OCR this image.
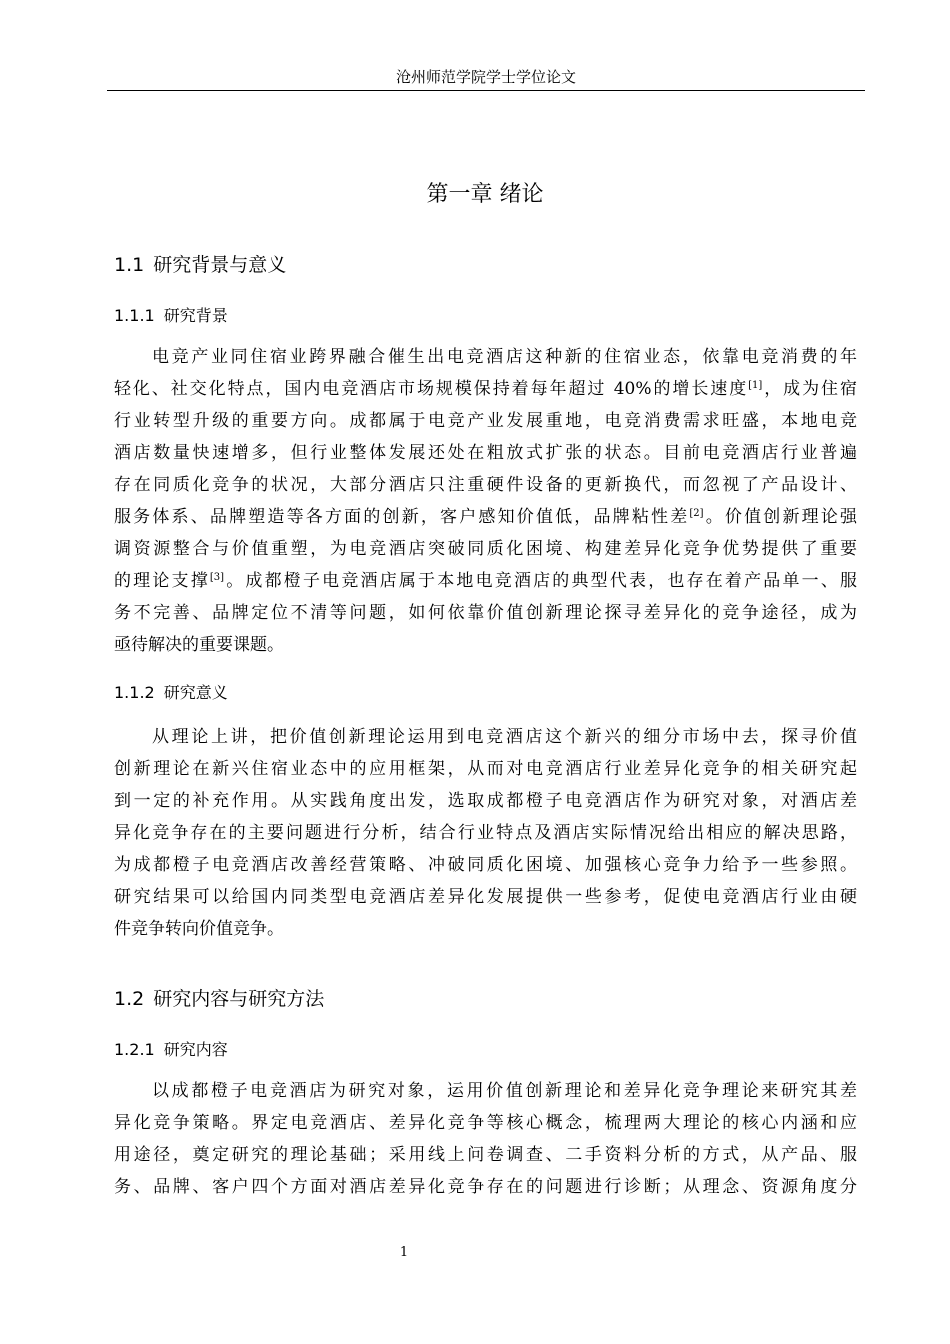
沧州师范学院学士学位论文
第一章 绪论
1.1 研究背景与意义
1.1.1 研究背景
电竞产业同住宿业跨界融合催生出电竞酒店这种新的住宿业态，依靠电竞消费的年
轻化、社交化特点，国内电竞酒店市场规模保持着每年超过 40%的增长速度[1]，成为住宿
行业转型升级的重要方向。成都属于电竞产业发展重地，电竞消费需求旺盛，本地电竞
酒店数量快速增多，但行业整体发展还处在粗放式扩张的状态。目前电竞酒店行业普遍
存在同质化竞争的状况，大部分酒店只注重硬件设备的更新换代，而忽视了产品设计、
服务体系、品牌塑造等各方面的创新，客户感知价值低，品牌粘性差[2]。价值创新理论强
调资源整合与价值重塑，为电竞酒店突破同质化困境、构建差异化竞争优势提供了重要
的理论支撑[3]。成都橙子电竞酒店属于本地电竞酒店的典型代表，也存在着产品单一、服
务不完善、品牌定位不清等问题，如何依靠价值创新理论探寻差异化的竞争途径，成为
亟待解决的重要课题。
1.1.2 研究意义
从理论上讲，把价值创新理论运用到电竞酒店这个新兴的细分市场中去，探寻价值
创新理论在新兴住宿业态中的应用框架，从而对电竞酒店行业差异化竞争的相关研究起
到一定的补充作用。从实践角度出发，选取成都橙子电竞酒店作为研究对象，对酒店差
异化竞争存在的主要问题进行分析，结合行业特点及酒店实际情况给出相应的解决思路，
为成都橙子电竞酒店改善经营策略、冲破同质化困境、加强核心竞争力给予一些参照。
研究结果可以给国内同类型电竞酒店差异化发展提供一些参考，促使电竞酒店行业由硬
件竞争转向价值竞争。
1.2 研究内容与研究方法
1.2.1 研究内容
以成都橙子电竞酒店为研究对象，运用价值创新理论和差异化竞争理论来研究其差
异化竞争策略。界定电竞酒店、差异化竞争等核心概念，梳理两大理论的核心内涵和应
用途径，奠定研究的理论基础；采用线上问卷调查、二手资料分析的方式，从产品、服
务、品牌、客户四个方面对酒店差异化竞争存在的问题进行诊断；从理念、资源角度分
1
